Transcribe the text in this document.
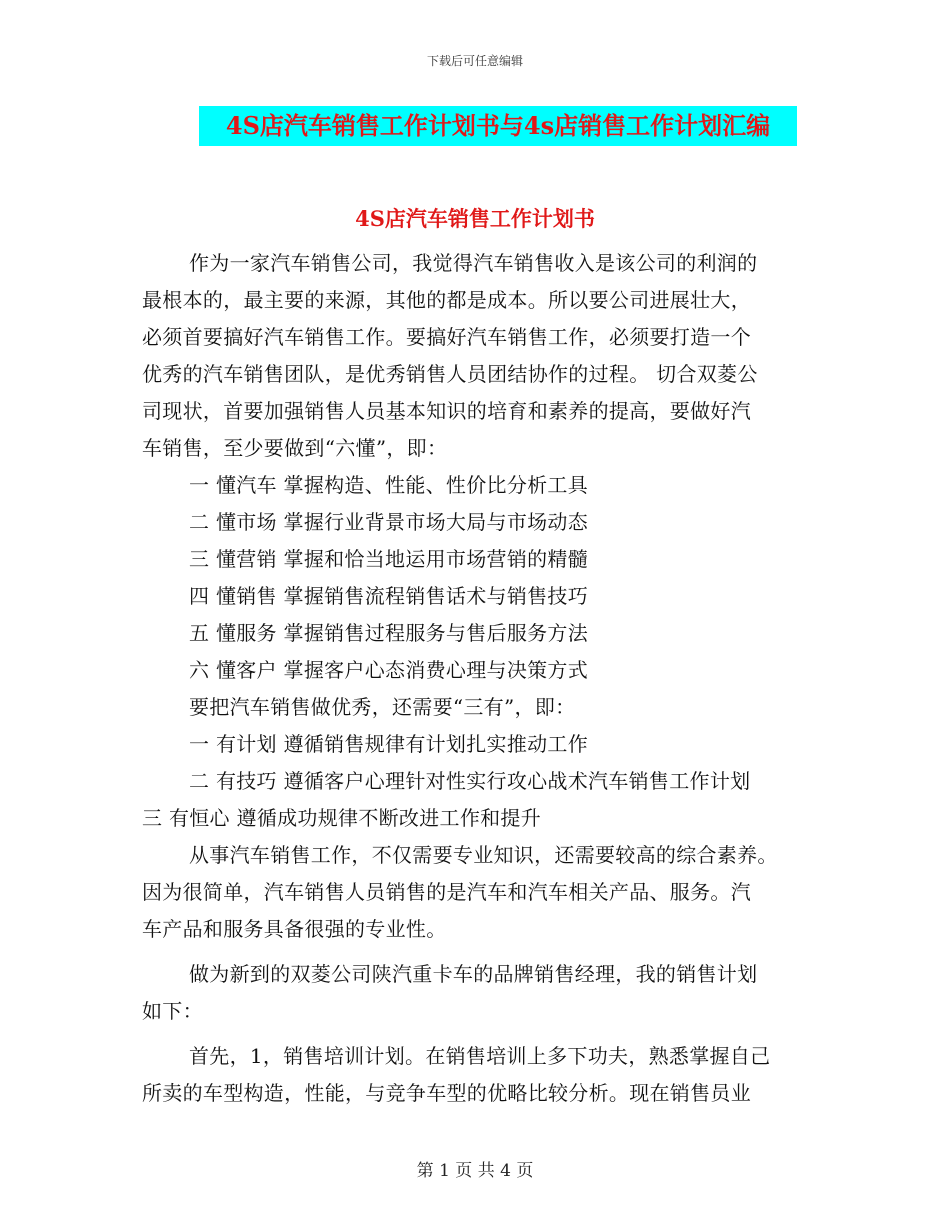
下载后可任意编辑
4S店汽车销售工作计划书与4s店销售工作计划汇编
4S店汽车销售工作计划书
作为一家汽车销售公司，我觉得汽车销售收入是该公司的利润的
最根本的，最主要的来源，其他的都是成本。所以要公司进展壮大，
必须首要搞好汽车销售工作。要搞好汽车销售工作，必须要打造一个
优秀的汽车销售团队，是优秀销售人员团结协作的过程。 切合双菱公
司现状，首要加强销售人员基本知识的培育和素养的提高，要做好汽
车销售，至少要做到“六懂”，即：
一 懂汽车 掌握构造、性能、性价比分析工具
二 懂市场 掌握行业背景市场大局与市场动态
三 懂营销 掌握和恰当地运用市场营销的精髓
四 懂销售 掌握销售流程销售话术与销售技巧
五 懂服务 掌握销售过程服务与售后服务方法
六 懂客户 掌握客户心态消费心理与决策方式
要把汽车销售做优秀，还需要“三有”，即：
一 有计划 遵循销售规律有计划扎实推动工作
二 有技巧 遵循客户心理针对性实行攻心战术汽车销售工作计划
三 有恒心 遵循成功规律不断改进工作和提升
从事汽车销售工作，不仅需要专业知识，还需要较高的综合素养。
因为很简单，汽车销售人员销售的是汽车和汽车相关产品、服务。汽
车产品和服务具备很强的专业性。
做为新到的双菱公司陕汽重卡车的品牌销售经理，我的销售计划
如下：
首先，1，销售培训计划。在销售培训上多下功夫，熟悉掌握自己
所卖的车型构造，性能，与竞争车型的优略比较分析。现在销售员业
第 1 页 共 4 页
